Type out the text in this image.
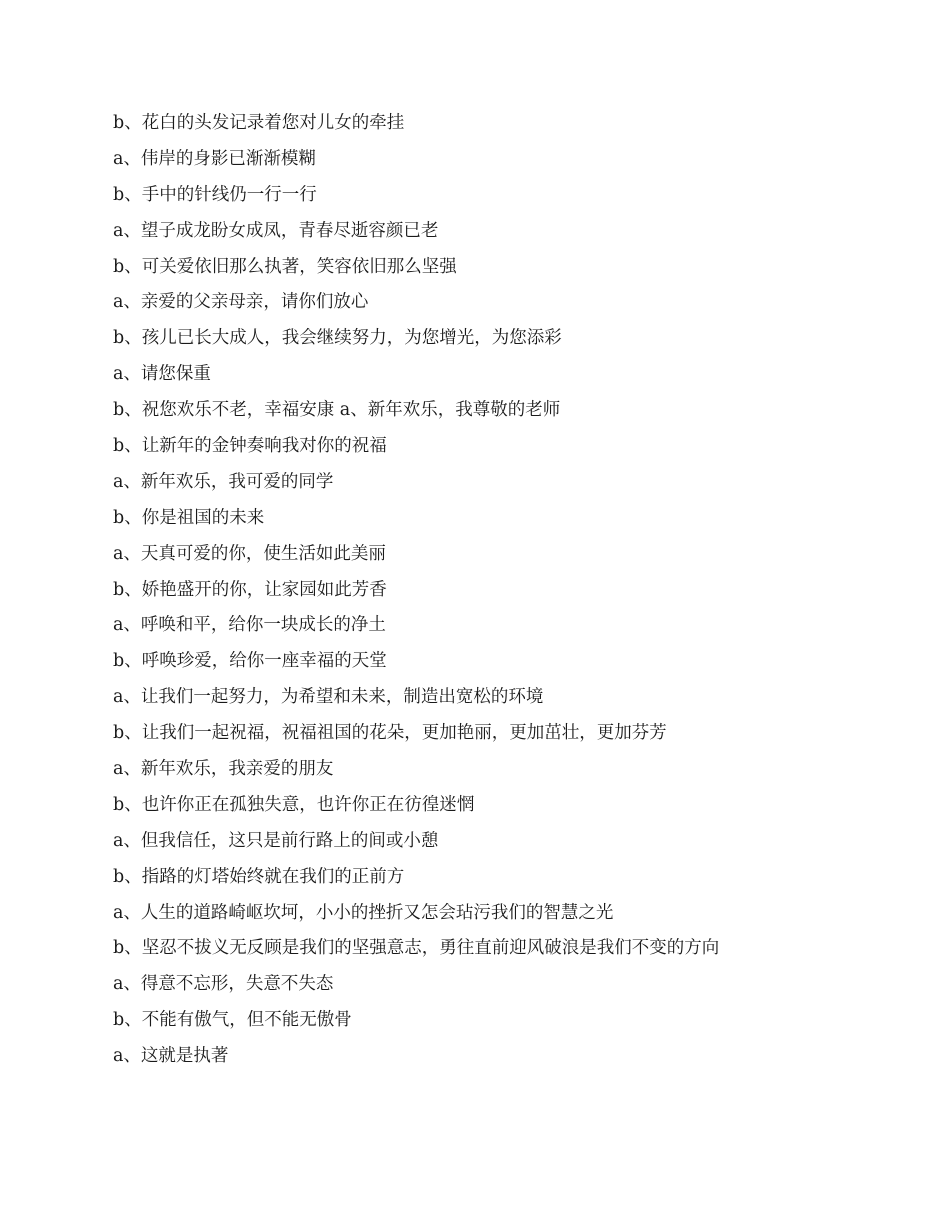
b、花白的头发记录着您对儿女的牵挂
a、伟岸的身影已渐渐模糊
b、手中的针线仍一行一行
a、望子成龙盼女成凤，青春尽逝容颜已老
b、可关爱依旧那么执著，笑容依旧那么坚强
a、亲爱的父亲母亲，请你们放心
b、孩儿已长大成人，我会继续努力，为您增光，为您添彩
a、请您保重
b、祝您欢乐不老，幸福安康 a、新年欢乐，我尊敬的老师
b、让新年的金钟奏响我对你的祝福
a、新年欢乐，我可爱的同学
b、你是祖国的未来
a、天真可爱的你，使生活如此美丽
b、娇艳盛开的你，让家园如此芳香
a、呼唤和平，给你一块成长的净土
b、呼唤珍爱，给你一座幸福的天堂
a、让我们一起努力，为希望和未来，制造出宽松的环境
b、让我们一起祝福，祝福祖国的花朵，更加艳丽，更加茁壮，更加芬芳
a、新年欢乐，我亲爱的朋友
b、也许你正在孤独失意，也许你正在彷徨迷惘
a、但我信任，这只是前行路上的间或小憩
b、指路的灯塔始终就在我们的正前方
a、人生的道路崎岖坎坷，小小的挫折又怎会玷污我们的智慧之光
b、坚忍不拔义无反顾是我们的坚强意志，勇往直前迎风破浪是我们不变的方向
a、得意不忘形，失意不失态
b、不能有傲气，但不能无傲骨
a、这就是执著
